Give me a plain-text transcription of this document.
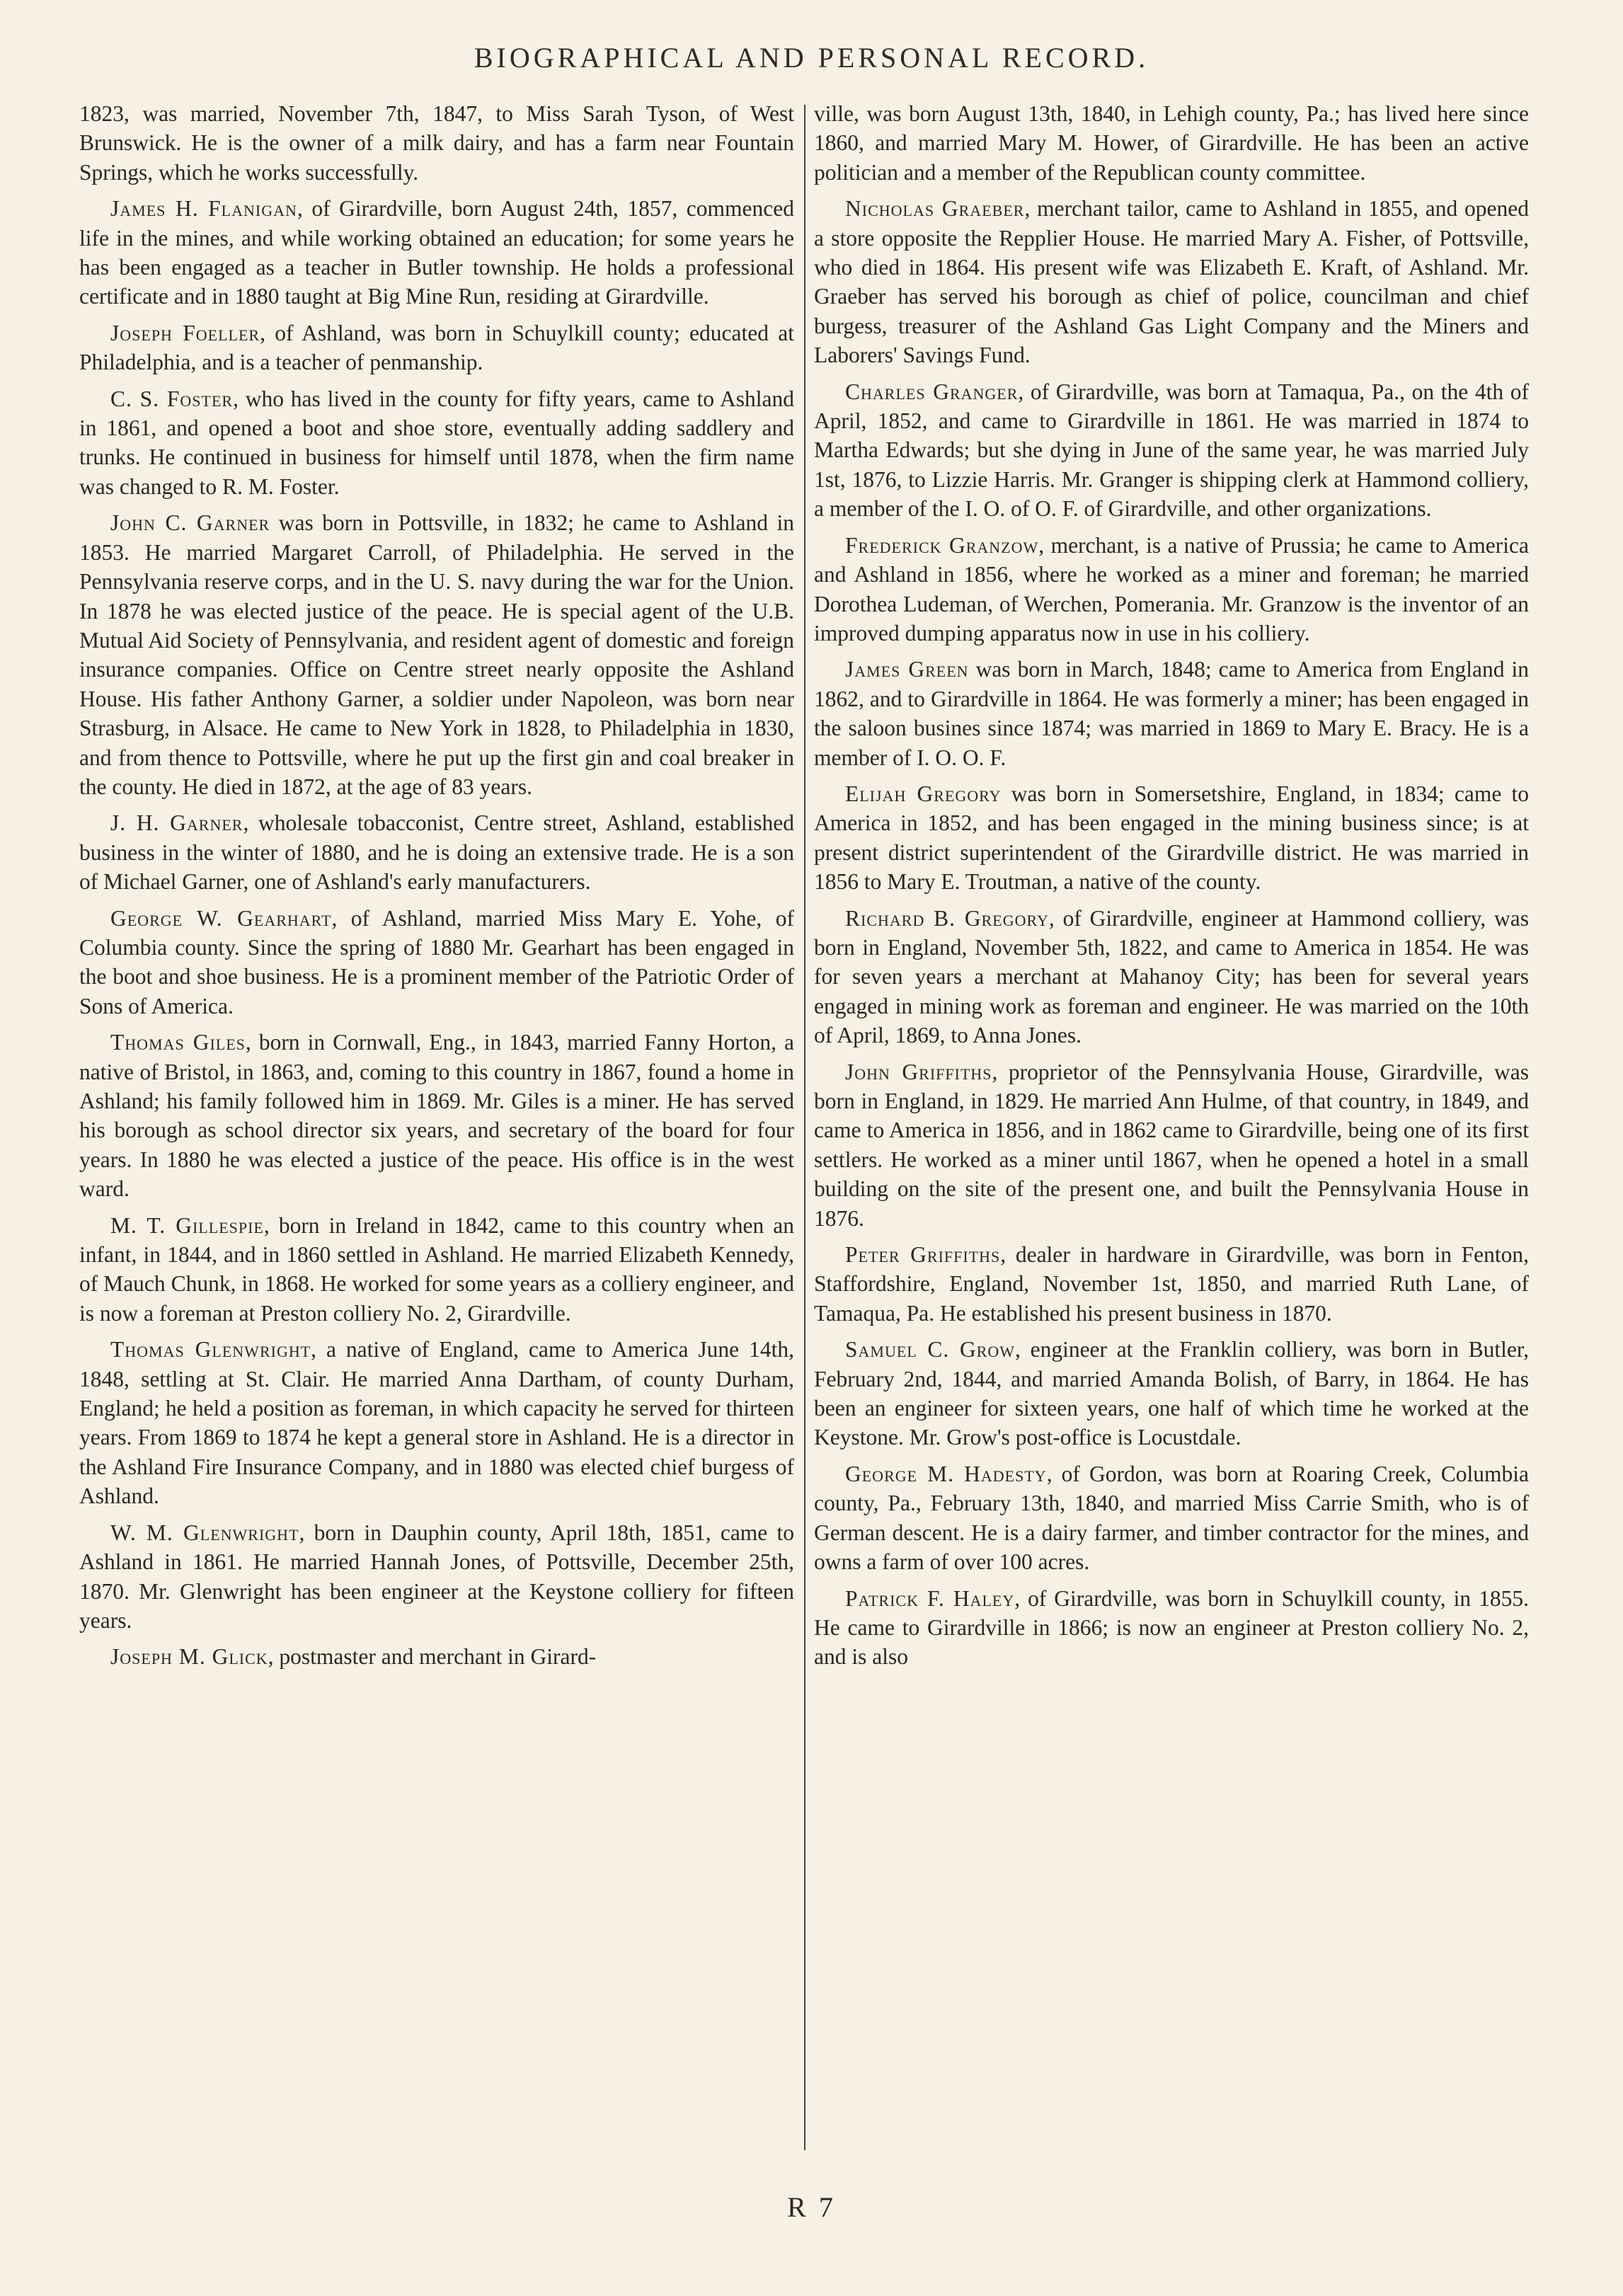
BIOGRAPHICAL AND PERSONAL RECORD.

1823, was married, November 7th, 1847, to Miss Sarah Tyson, of West Brunswick. He is the owner of a milk dairy, and has a farm near Fountain Springs, which he works successfully.

James H. Flanigan, of Girardville, born August 24th, 1857, commenced life in the mines, and while working obtained an education; for some years he has been engaged as a teacher in Butler township. He holds a professional certificate and in 1880 taught at Big Mine Run, residing at Girardville.

Joseph Foeller, of Ashland, was born in Schuylkill county; educated at Philadelphia, and is a teacher of penmanship.

C. S. Foster, who has lived in the county for fifty years, came to Ashland in 1861, and opened a boot and shoe store, eventually adding saddlery and trunks. He continued in business for himself until 1878, when the firm name was changed to R. M. Foster.

John C. Garner was born in Pottsville, in 1832; he came to Ashland in 1853. He married Margaret Carroll, of Philadelphia. He served in the Pennsylvania reserve corps, and in the U. S. navy during the war for the Union. In 1878 he was elected justice of the peace. He is special agent of the U.B. Mutual Aid Society of Pennsylvania, and resident agent of domestic and foreign insurance companies. Office on Centre street nearly opposite the Ashland House. His father Anthony Garner, a soldier under Napoleon, was born near Strasburg, in Alsace. He came to New York in 1828, to Philadelphia in 1830, and from thence to Pottsville, where he put up the first gin and coal breaker in the county. He died in 1872, at the age of 83 years.

J. H. Garner, wholesale tobacconist, Centre street, Ashland, established business in the winter of 1880, and he is doing an extensive trade. He is a son of Michael Garner, one of Ashland's early manufacturers.

George W. Gearhart, of Ashland, married Miss Mary E. Yohe, of Columbia county. Since the spring of 1880 Mr. Gearhart has been engaged in the boot and shoe business. He is a prominent member of the Patriotic Order of Sons of America.

Thomas Giles, born in Cornwall, Eng., in 1843, married Fanny Horton, a native of Bristol, in 1863, and, coming to this country in 1867, found a home in Ashland; his family followed him in 1869. Mr. Giles is a miner. He has served his borough as school director six years, and secretary of the board for four years. In 1880 he was elected a justice of the peace. His office is in the west ward.

M. T. Gillespie, born in Ireland in 1842, came to this country when an infant, in 1844, and in 1860 settled in Ashland. He married Elizabeth Kennedy, of Mauch Chunk, in 1868. He worked for some years as a colliery engineer, and is now a foreman at Preston colliery No. 2, Girardville.

Thomas Glenwright, a native of England, came to America June 14th, 1848, settling at St. Clair. He married Anna Dartham, of county Durham, England; he held a position as foreman, in which capacity he served for thirteen years. From 1869 to 1874 he kept a general store in Ashland. He is a director in the Ashland Fire Insurance Company, and in 1880 was elected chief burgess of Ashland.

W. M. Glenwright, born in Dauphin county, April 18th, 1851, came to Ashland in 1861. He married Hannah Jones, of Pottsville, December 25th, 1870. Mr. Glenwright has been engineer at the Keystone colliery for fifteen years.

Joseph M. Glick, postmaster and merchant in Girard-

ville, was born August 13th, 1840, in Lehigh county, Pa.; has lived here since 1860, and married Mary M. Hower, of Girardville. He has been an active politician and a member of the Republican county committee.

Nicholas Graeber, merchant tailor, came to Ashland in 1855, and opened a store opposite the Repplier House. He married Mary A. Fisher, of Pottsville, who died in 1864. His present wife was Elizabeth E. Kraft, of Ashland. Mr. Graeber has served his borough as chief of police, councilman and chief burgess, treasurer of the Ashland Gas Light Company and the Miners and Laborers' Savings Fund.

Charles Granger, of Girardville, was born at Tamaqua, Pa., on the 4th of April, 1852, and came to Girardville in 1861. He was married in 1874 to Martha Edwards; but she dying in June of the same year, he was married July 1st, 1876, to Lizzie Harris. Mr. Granger is shipping clerk at Hammond colliery, a member of the I. O. of O. F. of Girardville, and other organizations.

Frederick Granzow, merchant, is a native of Prussia; he came to America and Ashland in 1856, where he worked as a miner and foreman; he married Dorothea Ludeman, of Werchen, Pomerania. Mr. Granzow is the inventor of an improved dumping apparatus now in use in his colliery.

James Green was born in March, 1848; came to America from England in 1862, and to Girardville in 1864. He was formerly a miner; has been engaged in the saloon busines since 1874; was married in 1869 to Mary E. Bracy. He is a member of I. O. O. F.

Elijah Gregory was born in Somersetshire, England, in 1834; came to America in 1852, and has been engaged in the mining business since; is at present district superintendent of the Girardville district. He was married in 1856 to Mary E. Troutman, a native of the county.

Richard B. Gregory, of Girardville, engineer at Hammond colliery, was born in England, November 5th, 1822, and came to America in 1854. He was for seven years a merchant at Mahanoy City; has been for several years engaged in mining work as foreman and engineer. He was married on the 10th of April, 1869, to Anna Jones.

John Griffiths, proprietor of the Pennsylvania House, Girardville, was born in England, in 1829. He married Ann Hulme, of that country, in 1849, and came to America in 1856, and in 1862 came to Girardville, being one of its first settlers. He worked as a miner until 1867, when he opened a hotel in a small building on the site of the present one, and built the Pennsylvania House in 1876.

Peter Griffiths, dealer in hardware in Girardville, was born in Fenton, Staffordshire, England, November 1st, 1850, and married Ruth Lane, of Tamaqua, Pa. He established his present business in 1870.

Samuel C. Grow, engineer at the Franklin colliery, was born in Butler, February 2nd, 1844, and married Amanda Bolish, of Barry, in 1864. He has been an engineer for sixteen years, one half of which time he worked at the Keystone. Mr. Grow's post-office is Locustdale.

George M. Hadesty, of Gordon, was born at Roaring Creek, Columbia county, Pa., February 13th, 1840, and married Miss Carrie Smith, who is of German descent. He is a dairy farmer, and timber contractor for the mines, and owns a farm of over 100 acres.

Patrick F. Haley, of Girardville, was born in Schuylkill county, in 1855. He came to Girardville in 1866; is now an engineer at Preston colliery No. 2, and is also

R 7
